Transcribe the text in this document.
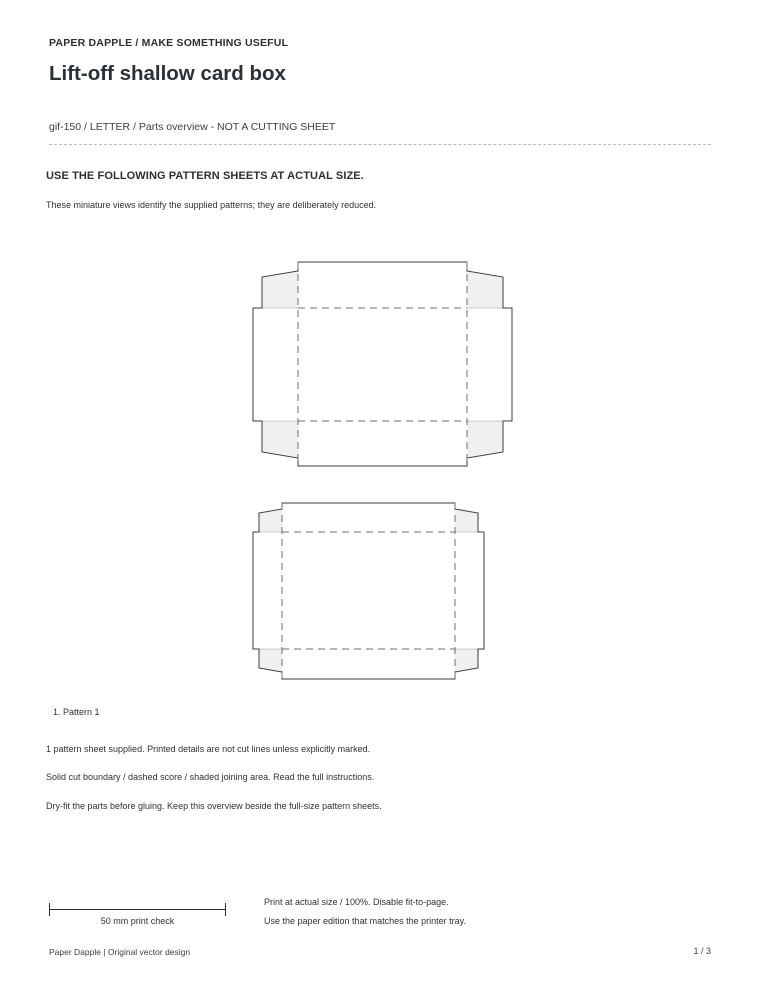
PAPER DAPPLE / MAKE SOMETHING USEFUL
Lift-off shallow card box
gif-150 / LETTER / Parts overview - NOT A CUTTING SHEET
USE THE FOLLOWING PATTERN SHEETS AT ACTUAL SIZE.
These miniature views identify the supplied patterns; they are deliberately reduced.
1. Pattern 1
1 pattern sheet supplied. Printed details are not cut lines unless explicitly marked.
Solid cut boundary / dashed score / shaded joining area. Read the full instructions.
Dry-fit the parts before gluing. Keep this overview beside the full-size pattern sheets.
50 mm print check
Print at actual size / 100%. Disable fit-to-page.
Use the paper edition that matches the printer tray.
Paper Dapple | Original vector design	1 / 3
